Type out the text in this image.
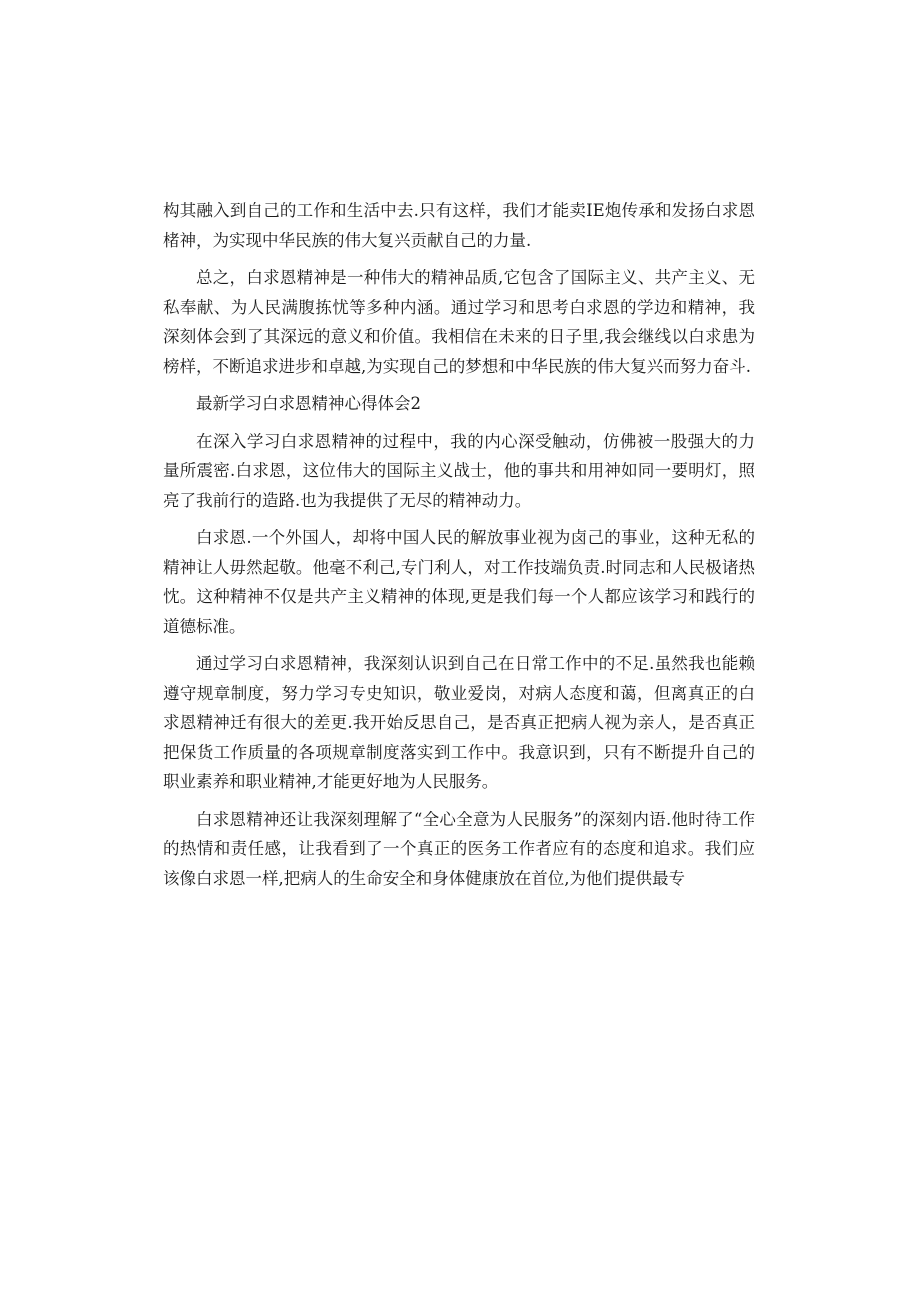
构其融入到自己的工作和生活中去.只有这样，我们才能卖IE炮传承和发扬白求恩楮神，为实现中华民族的伟大复兴贡献自己的力量.

总之，白求恩精神是一种伟大的精神品质,它包含了国际主义、共产主义、无私奉献、为人民满腹拣忧等多种内涵。通过学习和思考白求恩的学边和精神，我深刻体会到了其深远的意义和价值。我相信在未来的日子里,我会继线以白求患为榜样，不断追求进步和卓越,为实现自己的梦想和中华民族的伟大复兴而努力奋斗.

最新学习白求恩精神心得体会2

在深入学习白求恩精神的过程中，我的内心深受触动，仿佛被一股强大的力量所震密.白求恩，这位伟大的国际主义战士，他的事共和用神如同一要明灯，照亮了我前行的造路.也为我提供了无尽的精神动力。

白求恩.一个外国人，却将中国人民的解放事业视为卤己的事业，这种无私的精神让人毋然起敬。他毫不利己,专门利人，对工作技端负责.时同志和人民极诸热忱。这种精神不仅是共产主义精神的体现,更是我们每一个人都应该学习和践行的道德标准。

通过学习白求恩精神，我深刻认识到自己在日常工作中的不足.虽然我也能赖遵守规章制度，努力学习专史知识，敬业爱岗，对病人态度和蔼，但离真正的白求恩精神迁有很大的差更.我开始反思自己，是否真正把病人视为亲人，是否真正把保货工作质量的各项规章制度落实到工作中。我意识到，只有不断提升自己的职业素养和职业精神,才能更好地为人民服务。

白求恩精神还让我深刻理解了“全心全意为人民服务”的深刻内语.他时待工作的热情和责任感，让我看到了一个真正的医务工作者应有的态度和追求。我们应该像白求恩一样,把病人的生命安全和身体健康放在首位,为他们提供最专
